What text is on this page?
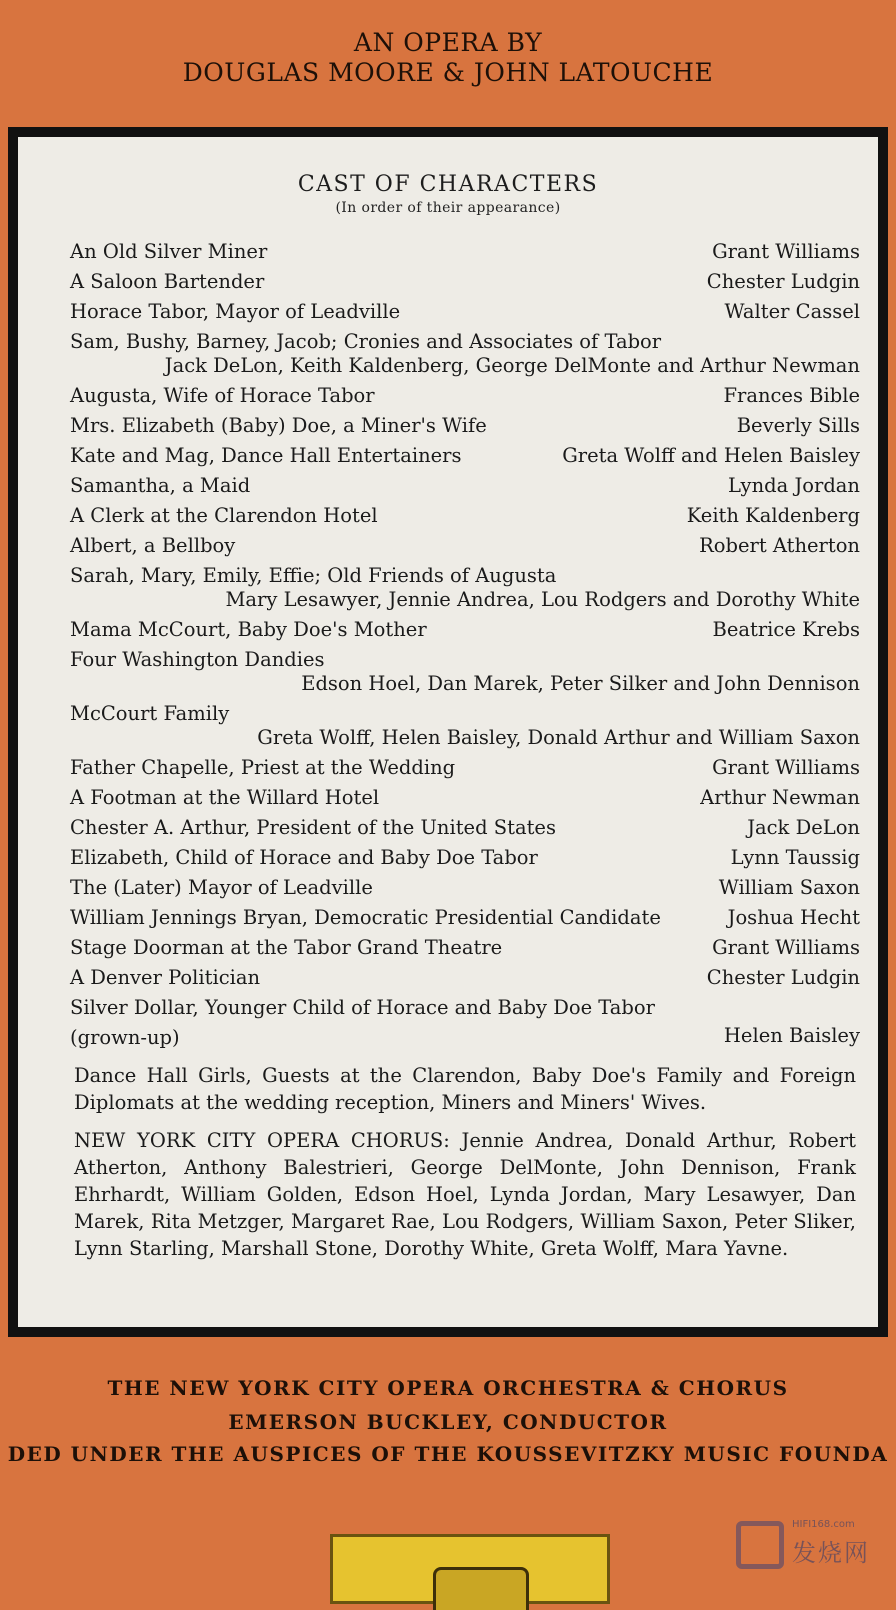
AN OPERA BY
DOUGLAS MOORE & JOHN LATOUCHE
CAST OF CHARACTERS
(In order of their appearance)
An Old Silver Miner	Grant Williams
A Saloon Bartender	Chester Ludgin
Horace Tabor, Mayor of Leadville	Walter Cassel
Sam, Bushy, Barney, Jacob; Cronies and Associates of Tabor
Jack DeLon, Keith Kaldenberg, George DelMonte and Arthur Newman
Augusta, Wife of Horace Tabor	Frances Bible
Mrs. Elizabeth (Baby) Doe, a Miner's Wife	Beverly Sills
Kate and Mag, Dance Hall Entertainers	Greta Wolff and Helen Baisley
Samantha, a Maid	Lynda Jordan
A Clerk at the Clarendon Hotel	Keith Kaldenberg
Albert, a Bellboy	Robert Atherton
Sarah, Mary, Emily, Effie; Old Friends of Augusta
Mary Lesawyer, Jennie Andrea, Lou Rodgers and Dorothy White
Mama McCourt, Baby Doe's Mother	Beatrice Krebs
Four Washington Dandies
Edson Hoel, Dan Marek, Peter Silker and John Dennison
McCourt Family
Greta Wolff, Helen Baisley, Donald Arthur and William Saxon
Father Chapelle, Priest at the Wedding	Grant Williams
A Footman at the Willard Hotel	Arthur Newman
Chester A. Arthur, President of the United States	Jack DeLon
Elizabeth, Child of Horace and Baby Doe Tabor	Lynn Taussig
The (Later) Mayor of Leadville	William Saxon
William Jennings Bryan, Democratic Presidential Candidate	Joshua Hecht
Stage Doorman at the Tabor Grand Theatre	Grant Williams
A Denver Politician	Chester Ludgin
Silver Dollar, Younger Child of Horace and Baby Doe Tabor
(grown-up)	Helen Baisley
Dance Hall Girls, Guests at the Clarendon, Baby Doe's Family and Foreign Diplomats at the wedding reception, Miners and Miners' Wives.
NEW YORK CITY OPERA CHORUS: Jennie Andrea, Donald Arthur, Robert Atherton, Anthony Balestrieri, George DelMonte, John Dennison, Frank Ehrhardt, William Golden, Edson Hoel, Lynda Jordan, Mary Lesawyer, Dan Marek, Rita Metzger, Margaret Rae, Lou Rodgers, William Saxon, Peter Sliker, Lynn Starling, Marshall Stone, Dorothy White, Greta Wolff, Mara Yavne.
THE NEW YORK CITY OPERA ORCHESTRA & CHORUS
EMERSON BUCKLEY, CONDUCTOR
DED UNDER THE AUSPICES OF THE KOUSSEVITZKY MUSIC FOUNDA
HIFI168.com
发烧网
